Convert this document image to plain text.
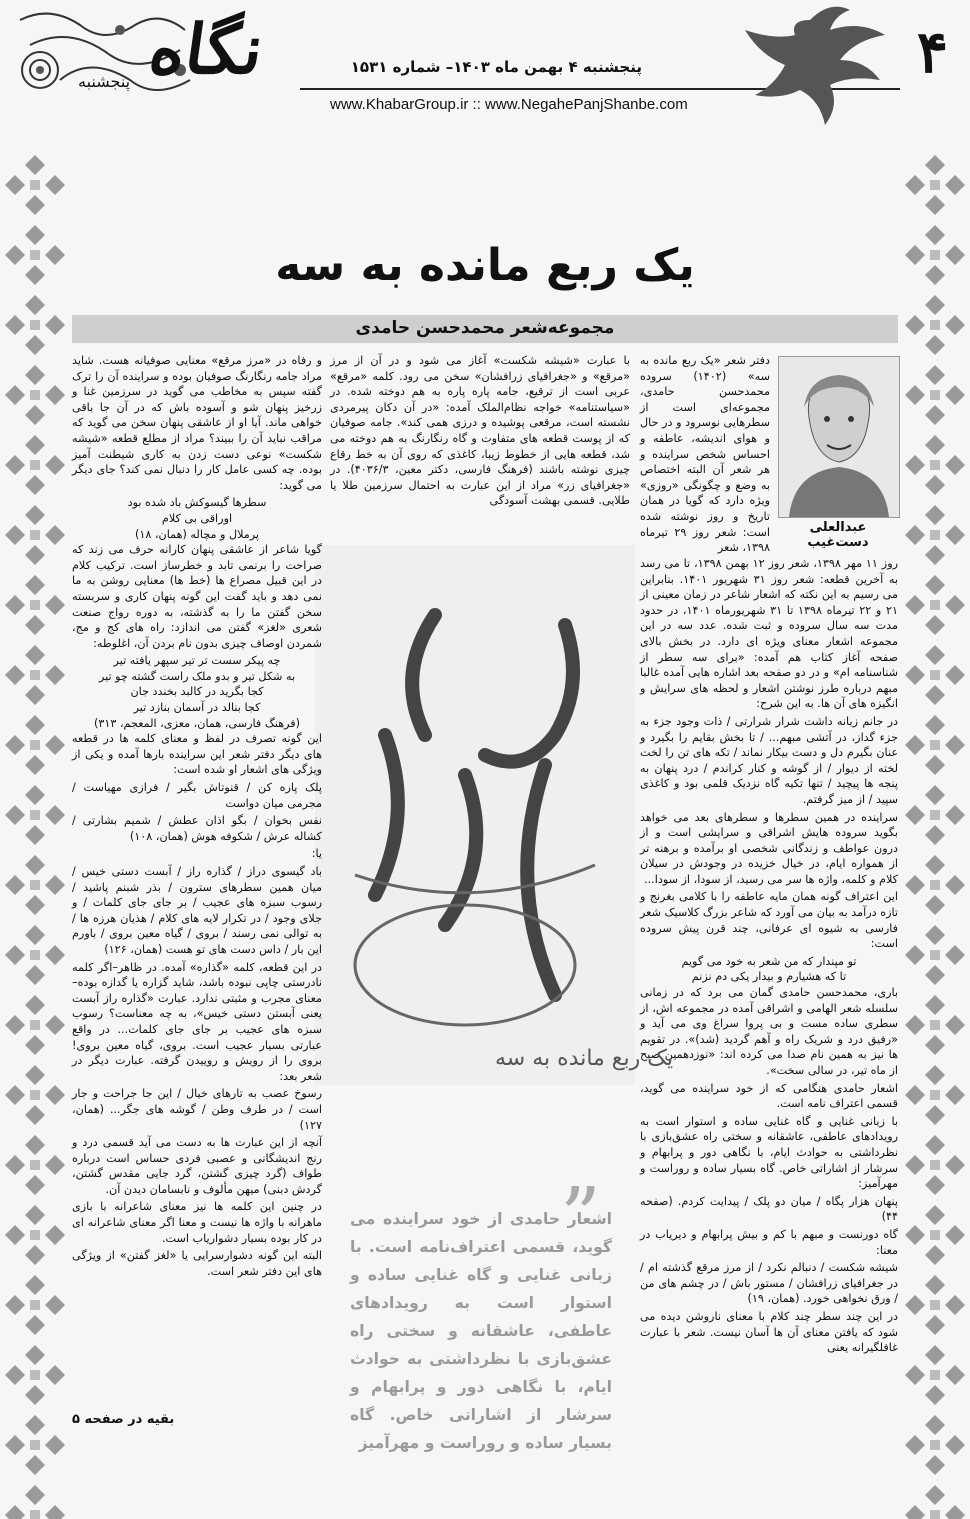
نگاه
پنجشنبه
پنجشنبه ۴ بهمن ماه ۱۴۰۳– شماره ۱۵۳۱
www.KhabarGroup.ir :: www.NegahePanjShanbe.com
۴
یک ربع مانده به سه
مجموعه‌شعر محمدحسن حامدی
عبدالعلی دست‌غیب

دفتر شعر «یک ربع مانده به سه» (۱۴۰۲) سروده محمدحسن حامدی، مجموعه‌ای است از سطرهایی نوسرود و در حال و هوای اندیشه، عاطفه و احساس شخص سراینده و هر شعر آن البته اختصاص به وضع و چگونگی «روزی» ویژه دارد که گویا در همان تاریخ و روز نوشته شده است: شعر روز ۲۹ تیرماه ۱۳۹۸، شعر

روز ۱۱ مهر ۱۳۹۸، شعر روز ۱۲ بهمن ۱۳۹۸، تا می رسد به آخرین قطعه: شعر روز ۳۱ شهریور ۱۴۰۱. بنابراین می رسیم به این نکته که اشعار شاعر در زمان معینی از ۲۱ و ۲۲ تیرماه ۱۳۹۸ تا ۳۱ شهریورماه ۱۴۰۱، در حدود مدت سه سال سروده و ثبت شده. عدد سه در این مجموعه اشعار معنای ویژه ای دارد. در بخش بالای صفحه آغاز کتاب هم آمده: «برای سه سطر از شناسنامه ام» و در دو صفحه بعد اشاره هایی آمده غالبا مبهم درباره طرز نوشتن اشعار و لحظه های سرایش و انگیزه های آن ها. به این شرح:

در جانم زبانه داشت شرار شرارتی / ذات وجود جزء به جزء گداز، در آتشی مبهم... / تا بخش بقایم را بگیرد و عنان بگیرم دل و دست بیکار نماند / تکه های تن را لخت لخته از دیوار / از گوشه و کنار کراندم / درد پنهان به پنجه ها پیچید / تنها تکیه گاه نزدیک قلمی بود و کاغذی سپید / از میز گرفتم.

سراینده در همین سطرها و سطرهای بعد می خواهد بگوید سروده هایش اشراقی و سرایشی است و از درون عواطف و زندگانی شخصی او برآمده و برهنه تر از همواره ایام، در خیال خزیده در وجودش در سیلان کلام و کلمه، واژه ها سر می رسید، از سودا، از سودا...

این اعتراف گونه همان مایه عاطفه را با کلامی بغرنج و تازه درآمد به بیان می آورد که شاعر بزرگ کلاسیک شعر فارسی به شیوه ای عرفانی، چند قرن پیش سروده است:

تو مپندار که من شعر به خود می گویم

تا که هشیارم و بیدار یکی دم نزنم

باری، محمدحسن حامدی گمان می برد که در زمانی سلسله شعر الهامی و اشراقی آمده در مجموعه اش، از سطری ساده مست و بی پروا سراغ وی می آید و «رفیق درد و شریک راه و آهم گردید (شد)». در تقویم ها نیز به همین نام صدا می کرده اند: «نوزدهمین صبح از ماه تیر، در سالی سخت».

اشعار حامدی هنگامی که از خود سراینده می گوید، قسمی اعتراف نامه است.

با زبانی غنایی و گاه غنایی ساده و استوار است به رویدادهای عاطفی، عاشقانه و سختی راه عشق‌بازی با نظرداشتی به حوادث ایام، با نگاهی دور و پرابهام و سرشار از اشاراتی خاص. گاه بسیار ساده و روراست و مهرآمیز:

پنهان هزار پگاه / میان دو پلک / پیدایت کردم. (صفحه ۴۴)

گاه دورنست و مبهم با کم و بیش پرابهام و دیریاب در معنا:

شیشه شکست / دنبالم نکرد / از مرز مرقع گذشته ام / در جغرافیای زرافشان / مستور باش / در چشم های من / ورق نخواهی خورد. (همان، ۱۹)

در این چند سطر چند کلام با معنای ناروشن دیده می شود که یافتن معنای آن ها آسان نیست. شعر با عبارت غافلگیرانه یعنی

با عبارت «شیشه شکست» آغاز می شود و در آن از مرز «مرقع» و «جغرافیای زرافشان» سخن می رود. کلمه «مرقع» عربی است از ترقیع، جامه پاره پاره به هم دوخته شده. در «سیاستنامه» خواجه نظام‌الملک آمده: «در آن دکان پیرمردی نشسته است، مرقعی پوشیده و درزی همی کند». جامه صوفیان که از پوست قطعه های متفاوت و گاه رنگارنگ به هم دوخته می شد، قطعه هایی از خطوط زیبا، کاغذی که روی آن به خط رقاع چیزی نوشته باشند (فرهنگ فارسی، دکتر معین، ۴۰۳۶/۳). در «جغرافیای زر» مراد از این عبارت به احتمال سرزمین طلا یا طلایی. قسمی بهشت آسودگی

یک ربع مانده به سه
”
اشعار حامدی از خود سراینده می گوید، قسمی اعتراف‌نامه است. با زبانی غنایی و گاه غنایی ساده و استوار است به رویدادهای عاطفی، عاشقانه و سختی راه عشق‌بازی با نظرداشتی به حوادث ایام، با نگاهی دور و پرابهام و سرشار از اشاراتی خاص. گاه بسیار ساده و روراست و مهرآمیز

و رفاه در «مرز مرقع» معنایی صوفیانه هست. شاید مراد جامه رنگارنگ صوفیان بوده و سراینده آن را ترک گفته سپس به مخاطب می گوید در سرزمین غنا و زرخیز پنهان شو و آسوده باش که در آن جا باقی خواهی ماند. آیا او از عاشقی پنهان سخن می گوید که مراقب نباید آن را ببیند؟ مراد از مطلع قطعه «شیشه شکست» نوعی دست زدن به کاری شیطنت آمیز بوده. چه کسی عامل کار را دنبال نمی کند؟ جای دیگر می گوید:

سطرها گیسوکش باد شده بود

اوراقی بی کلام

پرملال و مچاله (همان، ۱۸)

گویا شاعر از عاشقی پنهان کارانه حرف می زند که صراحت را برنمی تابد و خطرساز است. ترکیب کلام در این قبیل مصراع ها (خط ها) معنایی روشن به ما نمی دهد و باید گفت این گونه پنهان کاری و سربسته سخن گفتن ما را به گذشته، به دوره رواج صنعت شعری «لغز» گفتن می اندازد: راه های کج و مج، شمردن اوصاف چیزی بدون نام بردن آن، اغلوطه:

چه پیکر سست تر تیر سپهر یافته تیر

به شکل تیر و بدو ملک راست گشته چو تیر

کجا بگرید در کالبد بخندد جان

کجا بنالد در آسمان بنازد تیر

(فرهنگ فارسی، همان، معزی، المعجم، ۳۱۳)

این گونه تصرف در لفظ و معنای کلمه ها در قطعه های دیگر دفتر شعر این سراینده بارها آمده و یکی از ویژگی های اشعار او شده است:

پلک پاره کن / قنوتاش بگیر / فرازی مهیاست / مجرمی میان دواست

نفس بخوان / بگو اذان عطش / شمیم بشارتی / کشاله عرش / شکوفه هوش (همان، ۱۰۸)

یا:

باد گیسوی دراز / گذاره راز / آبست دستی خیس / میان همین سطرهای سترون / بذر شبنم پاشید / رسوب سبزه های عجیب / بر جای جای کلمات / و جلای وجود / در تکرار لایه های کلام / هذیان هرزه ها / به توالی نمی رسند / بروی / گیاه معین بروی / باورم این بار / داس دست های تو هست (همان، ۱۲۶)

در این قطعه، کلمه «گذاره» آمده. در ظاهر–اگر کلمه نادرستی چاپی نبوده باشد، شاید گزاره یا گدازه بوده– معنای مجرب و مثبتی ندارد. عبارت «گذاره راز آبست یعنی آبستن دستی خیس»، به چه معناست؟ رسوب سبزه های عجیب بر جای جای کلمات... در واقع عبارتی بسیار عجیب است. بروی، گیاه معین بروی! بروی را از رویش و روییدن گرفته. عبارت دیگر در شعر بعد:

رسوخ عصب به تارهای خیال / این جا جراحت و جار است / در طرف وطن / گوشه های جگر... (همان، ۱۲۷)

آنچه از این عبارت ها به دست می آید قسمی درد و رنج اندیشگانی و عصبی فردی حساس است درباره طواف (گرد چیزی گشتن، گرد جایی مقدس گشتن، گردش دبنی) میهن مألوف و نابسامان دیدن آن.

در چنین این کلمه ها نیز معنای شاعرانه با بازی ماهرانه با واژه ها نیست و معنا اگر معنای شاعرانه ای در کار بوده بسیار دشواریاب است.

البته این گونه دشوارسرایی یا «لغز گفتن» از ویژگی های این دفتر شعر است.

بقیه در صفحه ۵
